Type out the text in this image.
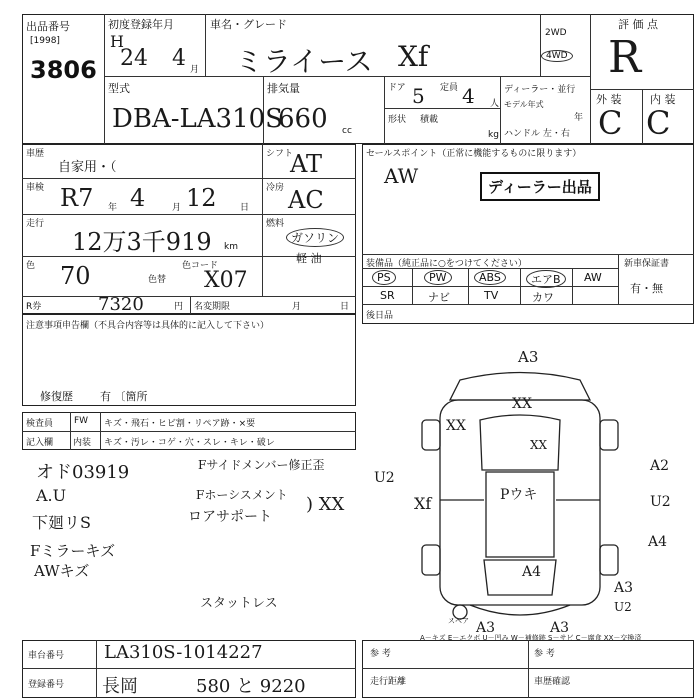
出品番号
[1998]
3806
初度登録年月
H
24 4 月
車名・グレード
ミライース Xf
2WD
4WD
評 価 点
R
型式
DBA-LA310S
排気量
660 cc
ドア 5 定員 4 人
形状 積載
kg
ディーラー・並行
モデル年式
年
ハンドル 左・右
外 装	内 装
C C
車歴
自家用・（
シフト
AT
車検 R7 年 4	月 12	日
冷房 AC
走行
12万3千919 km
燃料
ガソリン
軽 油
色 70	色替
色コード
X07
R券	7320	円 名変期限	月	日
セールスポイント（正常に機能するものに限ります）
AW	ディーラー出品
装備品（純正品に○をつけてください）	新車保証書
有・無
PS	PW	ABS	エアB	AW
SR	ナビ	TV	カワ
後日品
注意事項申告欄（不具合内容等は具体的に記入して下さい）
修復歴 有 〔箇所
検査員
記入欄
FW キズ・飛石・ヒビ割・リペア跡・×要
内装 キズ・汚レ・コゲ・穴・スレ・キレ・破レ
オド03919
A.U
下廻リS
Fミラーキズ
AWキズ
Fサイドメンバー修正歪
Fホーシスメント
ロアサポート
) XX
スタットレス
A3
XX
XX
XX
U2
A2
U2
A4
A4
A3
U2
A3	A3
Pウキ
Xf
スペア
A－キズ E－エクボ U－凹み W－補修跡 S－サビ C－腐食 XX－交換済
車台番号 LA310S-1014227
登録番号 長岡	580 と 9220
参 考	参 考
走行距離	車歴確認
